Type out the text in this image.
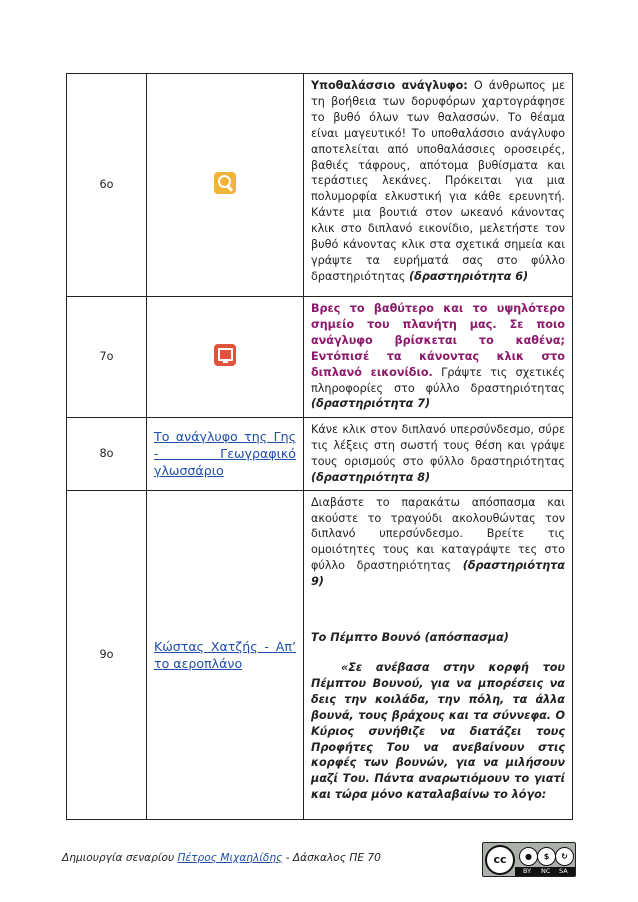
6o		Υποθαλάσσιο ανάγλυφο: Ο άνθρωπος με τη βοήθεια των δορυφόρων χαρτογράφησε το βυθό όλων των θαλασσών. Το θέαμα είναι μαγευτικό! Το υποθαλάσσιο ανάγλυφο αποτελείται από υποθαλάσσιες οροσειρές, βαθιές τάφρους, απότομα βυθίσματα και τεράστιες λεκάνες. Πρόκειται για μια πολυμορφία ελκυστική για κάθε ερευνητή. Κάντε μια βουτιά στον ωκεανό κάνοντας κλικ στο διπλανό εικονίδιο, μελετήστε τον βυθό κάνοντας κλικ στα σχετικά σημεία και γράψτε τα ευρήματά σας στο φύλλο δραστηριότητας (δραστηριότητα 6)
7o		Βρες το βαθύτερο και το υψηλότερο σημείο του πλανήτη μας. Σε ποιο ανάγλυφο βρίσκεται το καθένα; Εντόπισέ τα κάνοντας κλικ στο διπλανό εικονίδιο. Γράψτε τις σχετικές πληροφορίες στο φύλλο δραστηριότητας (δραστηριότητα 7)
8o	Το ανάγλυφο της Γης - Γεωγραφικό γλωσσάριο	Κάνε κλικ στον διπλανό υπερσύνδεσμο, σύρε τις λέξεις στη σωστή τους θέση και γράψε τους ορισμούς στο φύλλο δραστηριότητας (δραστηριότητα 8)
9o	Κώστας Χατζής - Απ’ το αεροπλάνο	Διαβάστε το παρακάτω απόσπασμα και ακούστε το τραγούδι ακολουθώντας τον διπλανό υπερσύνδεσμο. Βρείτε τις ομοιότητες τους και καταγράψτε τες στο φύλλο δραστηριότητας (δραστηριότητα 9)
Το Πέμπτο Βουνό (απόσπασμα)
«Σε ανέβασα στην κορφή του Πέμπτου Βουνού, για να μπορέσεις να δεις την κοιλάδα, την πόλη, τα άλλα βουνά, τους βράχους και τα σύννεφα. Ο Κύριος συνήθιζε να διατάζει τους Προφήτες Του να ανεβαίνουν στις κορφές των βουνών, για να μιλήσουν μαζί Του. Πάντα αναρωτιόμουν το γιατί και τώρα μόνο καταλαβαίνω το λόγο:
Δημιουργία σεναρίου Πέτρος Μιχαηλίδης - Δάσκαλος ΠΕ 70	cc	●	$	↻
BY NC SA
